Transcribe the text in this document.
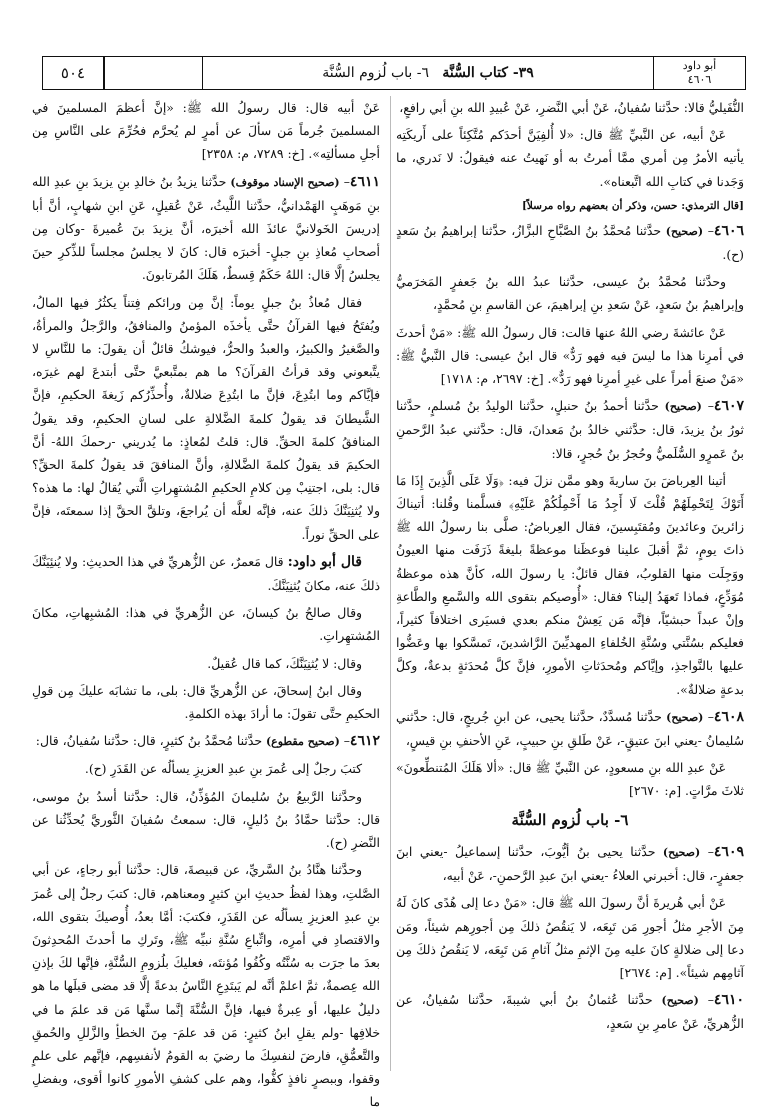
أبو داود
٤٦٠٦
٣٩- كتاب السُّنَّة   ٦- باب لُزوم السُّنَّة
٥٠٤

النُّفَيليُّ قالا: حدَّثنا سُفيانُ، عَنْ أبي النَّضرِ، عَنْ عُبيدِ الله بنِ أبي رافعٍ،

عَنْ أبيه، عن النَّبيِّ ﷺ قال: «لا أُلفِيَنَّ أحدَكم مُتَّكِئاً على أَريكَتِه يأتيه الأمرُ مِن أمري ممَّا أمرتُ به أو نَهيتُ عنه فيقولُ: لا نَدري، ما وَجَدنا في كتابِ الله اتَّبعناه».

[قال الترمذي: حسن، وذكر أن بعضهم رواه مرسلاً]

٤٦٠٦– (صحيح) حدَّثنا مُحمَّدُ بنُ الصَّبَّاحِ البزَّازُ، حدَّثنا إبراهيمُ بنُ سَعدٍ (ح).

وحدَّثنا مُحمَّدُ بنُ عيسى، حدَّثنا عبدُ الله بنُ جَعفرٍ المَخرَميُّ وإبراهيمُ بنُ سَعدٍ، عَنْ سَعدِ بنِ إبراهيمَ، عن القاسمِ بنِ مُحمَّدٍ،

عَنْ عائشةَ رضي اللهُ عنها قالت: قال رسولُ الله ﷺ: «مَنْ أحدثَ في أمرِنا هذا ما ليسَ فيه فهو رَدٌّ» قال ابنُ عيسى: قال النَّبيُّ ﷺ: «مَنْ صنعَ أمراً على غيرِ أمرِنا فهو رَدٌّ». [خ: ٢٦٩٧، م: ١٧١٨]

٤٦٠٧– (صحيح) حدَّثنا أحمدُ بنُ حنبلٍ، حدَّثنا الوليدُ بنُ مُسلمٍ، حدَّثنا ثورُ بنُ يزيدَ، قال: حدَّثني خالدُ بنُ مَعدانَ، قال: حدَّثني عبدُ الرَّحمنِ بنُ عَمرٍو السُّلَميُّ وحُجرُ بنُ حُجرٍ، قالا:

أتينا العِرباضَ بنَ ساريةَ وهو ممَّن نزلَ فيه: ﴿وَلَا عَلَى الَّذِينَ إِذَا مَا أَتَوْكَ لِتَحْمِلَهُمْ قُلْتَ لَا أَجِدُ مَا أَحْمِلُكُمْ عَلَيْهِ﴾ فسلَّمنا وقُلنا: أتيناكَ زائرينَ وعائدينَ ومُقتَبِسينَ، فقال العِرباضُ: صلَّى بنا رسولُ الله ﷺ ذاتَ يومٍ، ثمَّ أقبلَ علينا فوعظَنا موعظةً بليغةً ذَرَفَت منها العيونُ ووَجِلَت منها القلوبُ، فقال قائلٌ: يا رسولَ الله، كأنَّ هذه موعظةُ مُوَدِّعٍ، فماذا تَعهَدُ إلينا؟ فقال: «أُوصيكم بتقوى الله والسَّمعِ والطَّاعةِ وإنْ عبداً حبشيّاً، فإنَّه مَن يَعِشْ منكم بعدي فسيَرى اختلافاً كثيراً، فعليكم بسُنَّتي وسُنَّةِ الخُلفاءِ المهديِّينَ الرَّاشدينَ، تَمسَّكوا بها وعَضُّوا عليها بالنَّواجذِ، وإيَّاكم ومُحدَثاتِ الأمورِ، فإنَّ كلَّ مُحدَثةٍ بدعةٌ، وكلَّ بدعةٍ ضلالةٌ».

٤٦٠٨– (صحيح) حدَّثنا مُسدَّدٌ، حدَّثنا يحيى، عن ابنِ جُريجٍ، قال: حدَّثني سُليمانُ -يعني ابنَ عتيقٍ-، عَنْ طَلقِ بنِ حبيبٍ، عَنِ الأحنفِ بنِ قيسٍ،

عَنْ عبدِ الله بنِ مسعودٍ، عن النَّبيِّ ﷺ قال: «ألا هَلَكَ المُتنطِّعونَ» ثلاثَ مرَّاتٍ. [م: ٢٦٧٠]

٦- باب لُزوم السُّنَّة

٤٦٠٩– (صحيح) حدَّثنا يحيى بنُ أيُّوبَ، حدَّثنا إسماعيلُ -يعني ابنَ جعفرٍ-، قال: أخبرني العلاءُ -يعني ابنَ عبدِ الرَّحمنِ-، عَنْ أبيه،

عَنْ أبي هُريرةَ أنَّ رسولَ الله ﷺ قال: «مَنْ دعا إلى هُدًى كانَ لَهُ مِنَ الأجرِ مثلُ أجورِ مَن تَبِعَه، لا يَنقُصُ ذلكَ مِن أجورِهم شيئاً، ومَن دعا إلى ضلالةٍ كانَ عليه مِنَ الإثمِ مثلُ آثامِ مَن تَبِعَه، لا يَنقُصُ ذلكَ مِن آثامِهم شيئاً». [م: ٢٦٧٤]

٤٦١٠– (صحيح) حدَّثنا عُثمانُ بنُ أبي شيبةَ، حدَّثنا سُفيانُ، عن الزُّهريِّ، عَنْ عامرِ بنِ سَعدٍ،

عَنْ أبيه قال: قال رسولُ الله ﷺ: «إنَّ أعظمَ المسلمينَ في المسلمينَ جُرماً مَن سألَ عن أمرٍ لم يُحرَّم فحُرِّمَ على النَّاسِ مِن أجلِ مسألتِه». [خ: ٧٢٨٩، م: ٢٣٥٨]

٤٦١١– (صحيح الإسناد موقوف) حدَّثنا يزيدُ بنُ خالدِ بنِ يزيدَ بنِ عبدِ الله بنِ مَوهَبٍ الهَمْدانيُّ، حدَّثنا اللَّيثُ، عَنْ عُقيلٍ، عَنِ ابنِ شهابٍ، أنَّ أبا إدريسَ الخَولانيَّ عائذَ الله أخبرَه، أنَّ يزيدَ بنَ عُميرةَ -وكان مِن أصحابِ مُعاذِ بنِ جبلٍ- أخبرَه قال: كانَ لا يجلسُ مجلساً للذِّكرِ حينَ يجلسُ إلَّا قال: اللهُ حَكَمٌ قِسطٌ، هَلَكَ المُرتابونَ.

فقال مُعاذُ بنُ جبلٍ يوماً: إنَّ مِن ورائكم فِتناً يكثُرُ فيها المالُ، ويُفتَحُ فيها القرآنُ حتَّى يأخذَه المؤمنُ والمنافقُ، والرَّجلُ والمرأةُ، والصَّغيرُ والكبيرُ، والعبدُ والحرُّ، فيوشكُ قائلٌ أن يقولَ: ما للنَّاسِ لا يتَّبعوني وقد قرأتُ القرآنَ؟ ما هم بمتَّبعيَّ حتَّى أبتدعَ لهم غيرَه، فإيَّاكم وما ابتُدِعَ، فإنَّ ما ابتُدِعَ ضلالةٌ، وأُحذِّرُكم زَيغةَ الحكيمِ، فإنَّ الشَّيطانَ قد يقولُ كلمةَ الضَّلالةِ على لسانِ الحكيمِ، وقد يقولُ المنافقُ كلمةَ الحقِّ. قال: قلتُ لمُعاذٍ: ما يُدريني -رحمكَ اللهُ- أنَّ الحكيمَ قد يقولُ كلمةَ الضَّلالةِ، وأنَّ المنافقَ قد يقولُ كلمةَ الحقِّ؟ قال: بلى، اجتنِبْ مِن كلامِ الحكيمِ المُشتهِراتِ الَّتي يُقالُ لها: ما هذه؟ ولا يُثنِيَنَّكَ ذلكَ عنه، فإنَّه لعلَّه أن يُراجعَ، وتلقَّ الحقَّ إذا سمعتَه، فإنَّ على الحقِّ نوراً.

قال أبو داود: قال مَعمرٌ، عن الزُّهريِّ في هذا الحديثِ: ولا يُنئِيَنَّكَ ذلكَ عنه، مكانَ يُثنِيَنَّكَ.

وقال صالحُ بنُ كيسانَ، عن الزُّهريِّ في هذا: المُشبِهاتِ، مكانَ المُشتهِراتِ.

وقال: لا يُثنِيَنَّكَ، كما قال عُقيلٌ.

وقال ابنُ إسحاقَ، عن الزُّهريِّ قال: بلى، ما تشابَه عليكَ مِن قولِ الحكيمِ حتَّى تقولَ: ما أرادَ بهذه الكلمةِ.

٤٦١٢– (صحيح مقطوع) حدَّثنا مُحمَّدُ بنُ كثيرٍ، قال: حدَّثنا سُفيانُ، قال:

كتبَ رجلٌ إلى عُمرَ بنِ عبدِ العزيزِ يسألُه عن القَدَرِ (ح).

وحدَّثنا الرَّبيعُ بنُ سُليمانَ المُؤذِّنُ، قال: حدَّثنا أسدُ بنُ موسى، قال: حدَّثنا حمَّادُ بنُ دُليلٍ، قال: سمعتُ سُفيانَ الثَّوريَّ يُحدِّثُنا عن النَّضرِ (ح).

وحدَّثنا هنَّادُ بنُ السَّريِّ، عن قبيصةَ، قال: حدَّثنا أبو رجاءٍ، عن أبي الصَّلتِ، وهذا لفظُ حديثِ ابنِ كثيرٍ ومعناهم، قال: كتبَ رجلٌ إلى عُمرَ بنِ عبدِ العزيزِ يسألُه عن القَدَرِ، فكتبَ: أمَّا بعدُ، أُوصيكَ بتقوى الله، والاقتصادِ في أمرِه، واتِّباعِ سُنَّةِ نبيِّه ﷺ، وتَركِ ما أحدثَ المُحدِثونَ بعدَ ما جرَت به سُنَّتُه وكُفُوا مُؤنتَه، فعليكَ بلُزومِ السُّنَّةِ، فإنَّها لكَ بإذنِ الله عِصمةٌ، ثمَّ اعلمْ أنَّه لم يَبتَدِعِ النَّاسُ بدعةً إلَّا قد مضى قبلَها ما هو دليلٌ عليها، أو عِبرةٌ فيها، فإنَّ السُّنَّةَ إنَّما سنَّها مَن قد علمَ ما في خلافِها -ولم يقلِ ابنُ كثيرٍ: مَن قد علمَ- مِنَ الخطأِ والزَّللِ والحُمقِ والتَّعمُّقِ، فارضَ لنفسِكَ ما رضيَ به القومُ لأنفسِهم، فإنَّهم على علمٍ وقفوا، وببصرٍ نافذٍ كفُّوا، وهم على كشفِ الأمورِ كانوا أقوى، وبفضلِ ما
